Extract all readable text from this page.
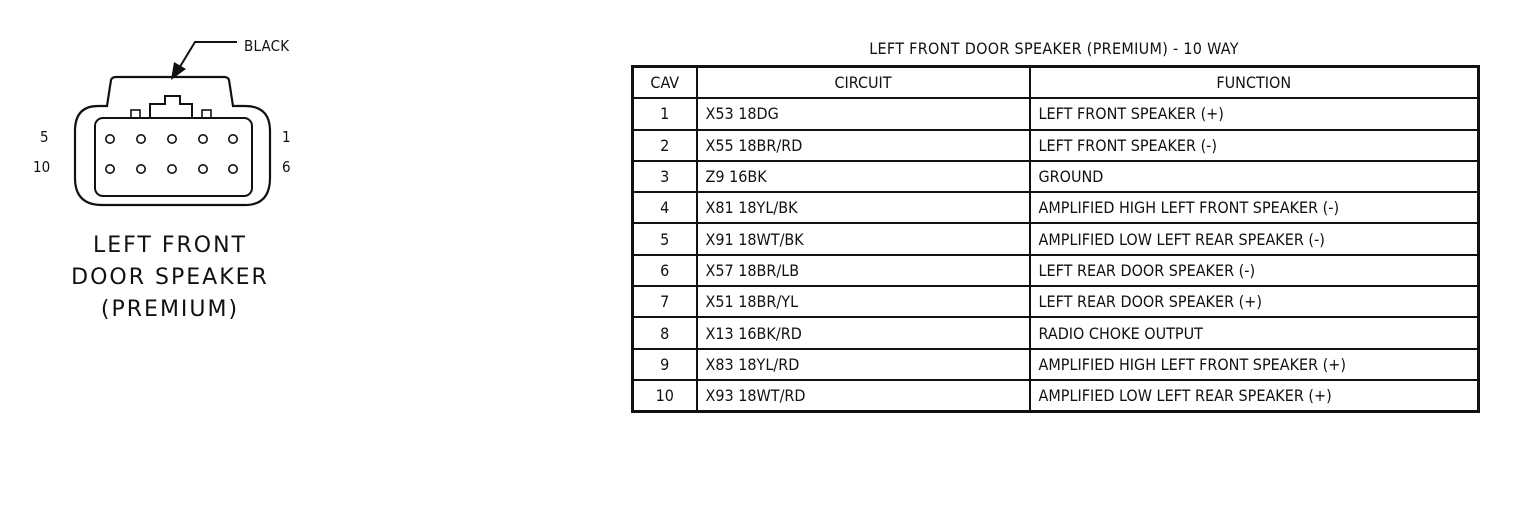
BLACK
5
10
1
6
LEFT FRONT
DOOR SPEAKER
(PREMIUM)
LEFT FRONT DOOR SPEAKER (PREMIUM) - 10 WAY
CAV	CIRCUIT	FUNCTION
1	X53 18DG	LEFT FRONT SPEAKER (+)
2	X55 18BR/RD	LEFT FRONT SPEAKER (-)
3	Z9 16BK	GROUND
4	X81 18YL/BK	AMPLIFIED HIGH LEFT FRONT SPEAKER (-)
5	X91 18WT/BK	AMPLIFIED LOW LEFT REAR SPEAKER (-)
6	X57 18BR/LB	LEFT REAR DOOR SPEAKER (-)
7	X51 18BR/YL	LEFT REAR DOOR SPEAKER (+)
8	X13 16BK/RD	RADIO CHOKE OUTPUT
9	X83 18YL/RD	AMPLIFIED HIGH LEFT FRONT SPEAKER (+)
10	X93 18WT/RD	AMPLIFIED LOW LEFT REAR SPEAKER (+)
